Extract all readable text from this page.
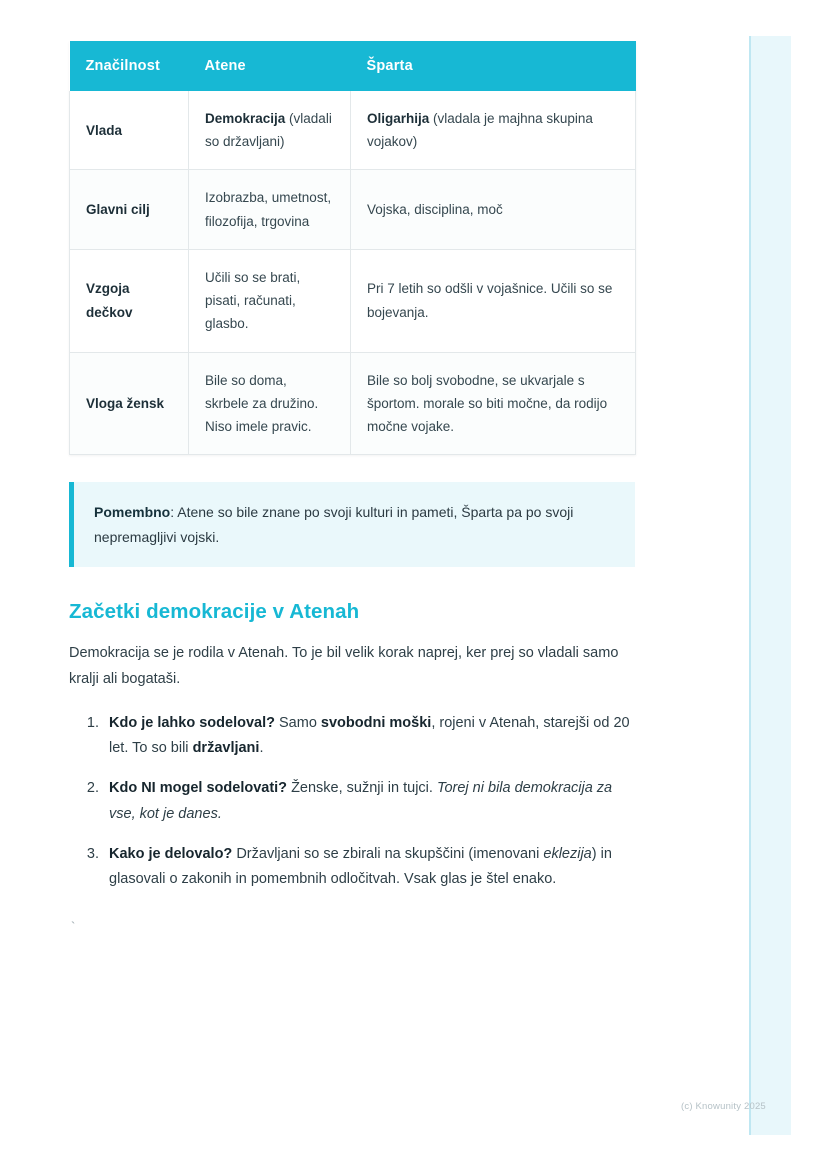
Značilnost	Atene	Šparta
Vlada	Demokracija (vladali so državljani)	Oligarhija (vladala je majhna skupina vojakov)
Glavni cilj	Izobrazba, umetnost, filozofija, trgovina	Vojska, disciplina, moč
Vzgoja dečkov	Učili so se brati, pisati, računati, glasbo.	Pri 7 letih so odšli v vojašnice. Učili so se bojevanja.
Vloga žensk	Bile so doma, skrbele za družino. Niso imele pravic.	Bile so bolj svobodne, se ukvarjale s športom. morale so biti močne, da rodijo močne vojake.
Pomembno: Atene so bile znane po svoji kulturi in pameti, Šparta pa po svoji nepremagljivi vojski.
Začetki demokracije v Atenah

Demokracija se je rodila v Atenah. To je bil velik korak naprej, ker prej so vladali samo kralji ali bogataši.

1. Kdo je lahko sodeloval? Samo svobodni moški, rojeni v Atenah, starejši od 20 let. To so bili državljani.
2. Kdo NI mogel sodelovati? Ženske, sužnji in tujci. Torej ni bila demokracija za vse, kot je danes.
3. Kako je delovalo? Državljani so se zbirali na skupščini (imenovani eklezija) in glasovali o zakonih in pomembnih odločitvah. Vsak glas je štel enako.
`
(c) Knowunity 2025
